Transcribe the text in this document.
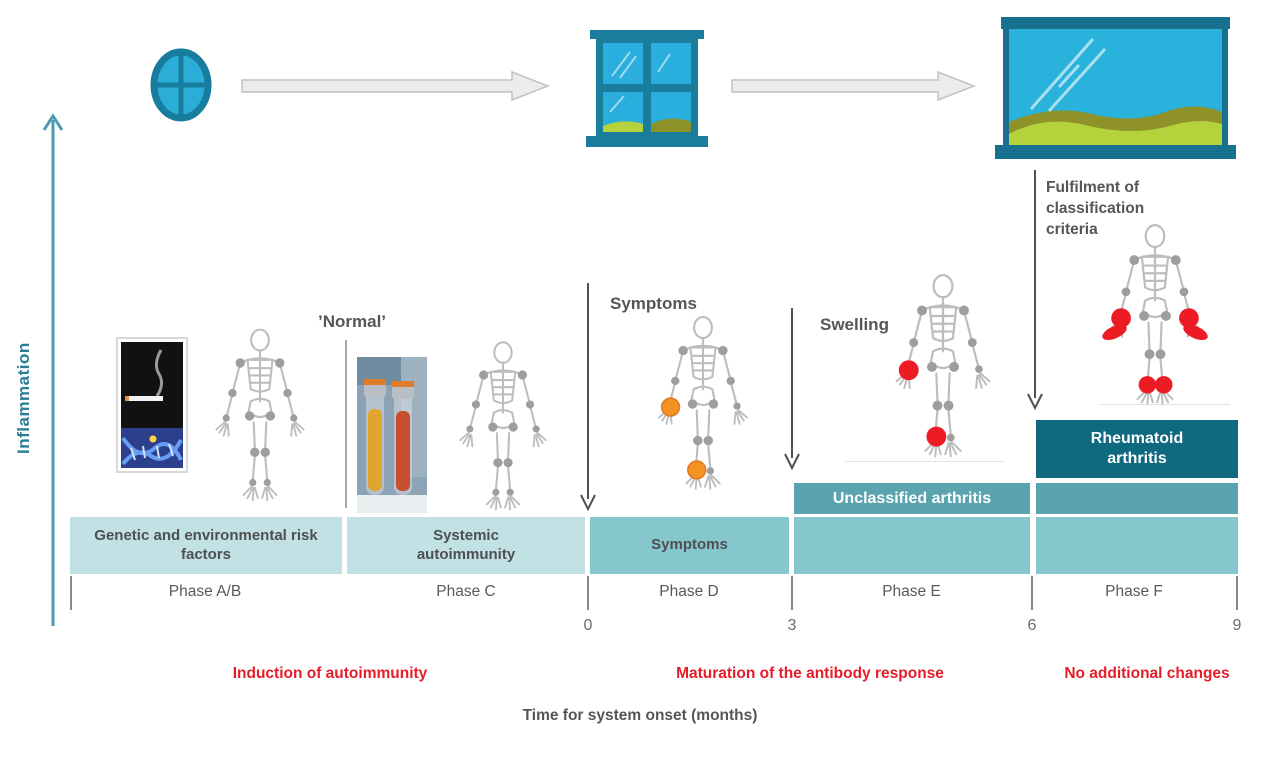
Inflammation
’Normal’
Symptoms
Swelling
Fulfilment of classification criteria
Rheumatoid arthritis
Unclassified arthritis
Genetic and environmental risk factors
Systemic autoimmunity
Symptoms
Phase A/B	Phase C	Phase D	Phase E	Phase F
0	3	6	9
Induction of autoimmunity	Maturation of the antibody response	No additional changes
Time for system onset (months)
